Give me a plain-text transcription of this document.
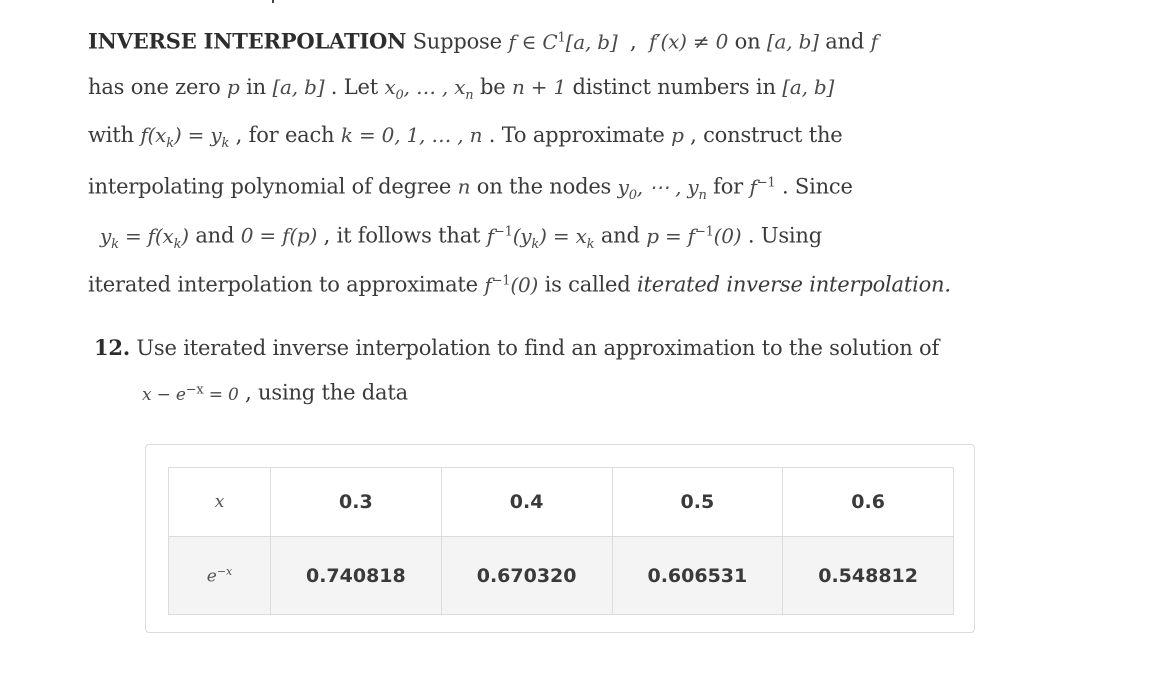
INVERSE INTERPOLATION Suppose f ∈ $C^1[a$, b] , f′(x) ≠ 0 on [a, b] and f
has one zero p in [a, b] . Let $x_0$, … , $x_n$ be n + 1 distinct numbers in [a, b]
with $f(x_k) = y_k$ , for each k = 0, 1, … , n . To approximate p , construct the
interpolating polynomial of degree n on the nodes $y_0$, ⋯ , $y_n$ for $f^{-1}$ . Since
$y_k = f(x_k)$ and 0 = f(p) , it follows that $f^{-1}(y_k) = x_k$ and $p = f^{-1}(0)$ . Using
iterated interpolation to approximate $f^{-1}(0)$ is called iterated inverse interpolation.
12. Use iterated inverse interpolation to find an approximation to the solution of
$x - e^{-x} = 0$ , using the data
x	0.3	0.4	0.5	0.6
$e^{-x}$	0.740818	0.670320	0.606531	0.548812
